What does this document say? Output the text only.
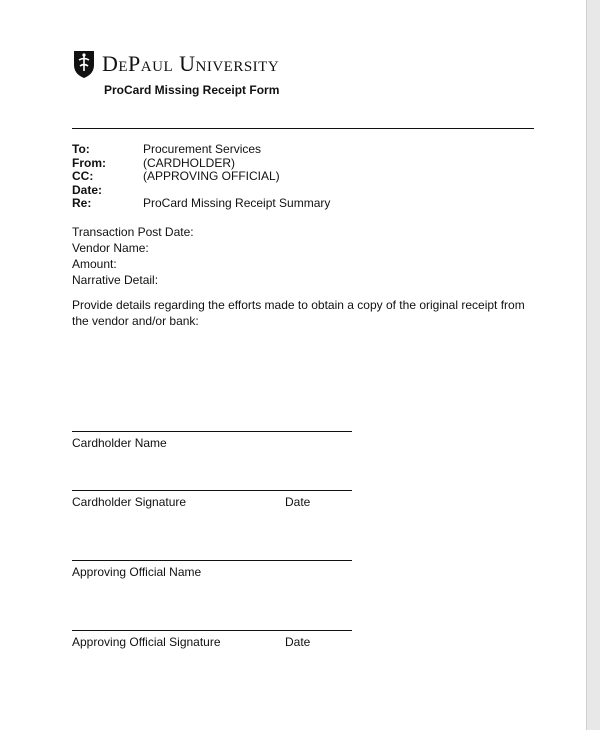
DePaul University
ProCard Missing Receipt Form
To:	Procurement Services
From:	(CARDHOLDER)
CC:	(APPROVING OFFICIAL)
Date:
Re:	ProCard Missing Receipt Summary
Transaction Post Date:
Vendor Name:
Amount:
Narrative Detail:
Provide details regarding the efforts made to obtain a copy of the original receipt from the vendor and/or bank:
Cardholder Name
Cardholder Signature	Date
Approving Official Name
Approving Official Signature	Date
